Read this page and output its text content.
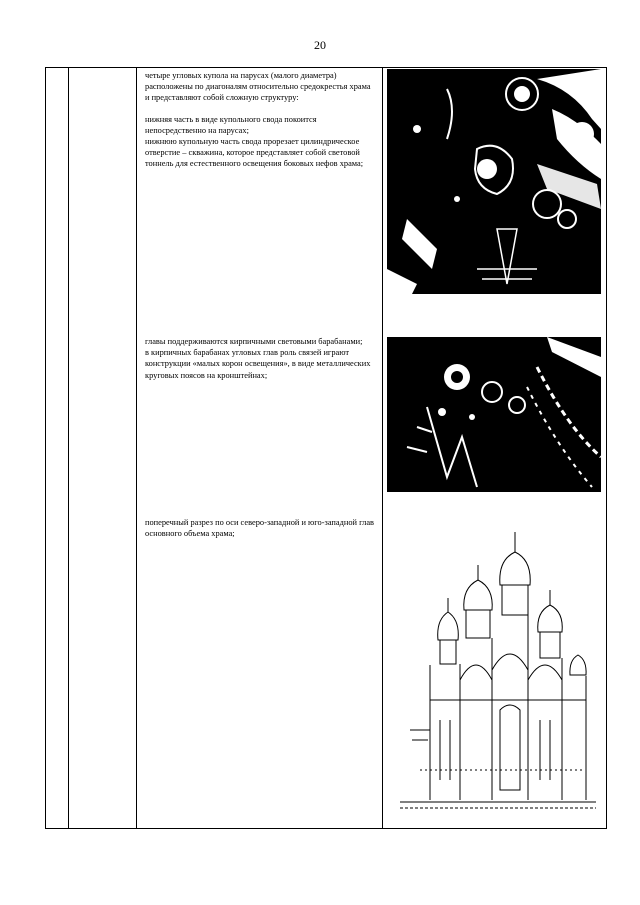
20

четыре угловых купола на парусах (малого диаметра) расположены по диагоналям относительно средокрестья храма и представляют собой сложную структуру:

нижняя часть в виде купольного свода покоится непосредственно на парусах;

нижнюю купольную часть свода прорезает цилиндрическое отверстие – скважина, которое представляет собой световой тоннель для естественного освещения боковых нефов храма;

главы поддерживаются кирпичными световыми барабанами;

в кирпичных барабанах угловых глав роль связей играют конструкции «малых корон освещения», в виде металлических круговых поясов на кронштейнах;

поперечный разрез по оси северо-западной и юго-западной глав основного объема храма;
